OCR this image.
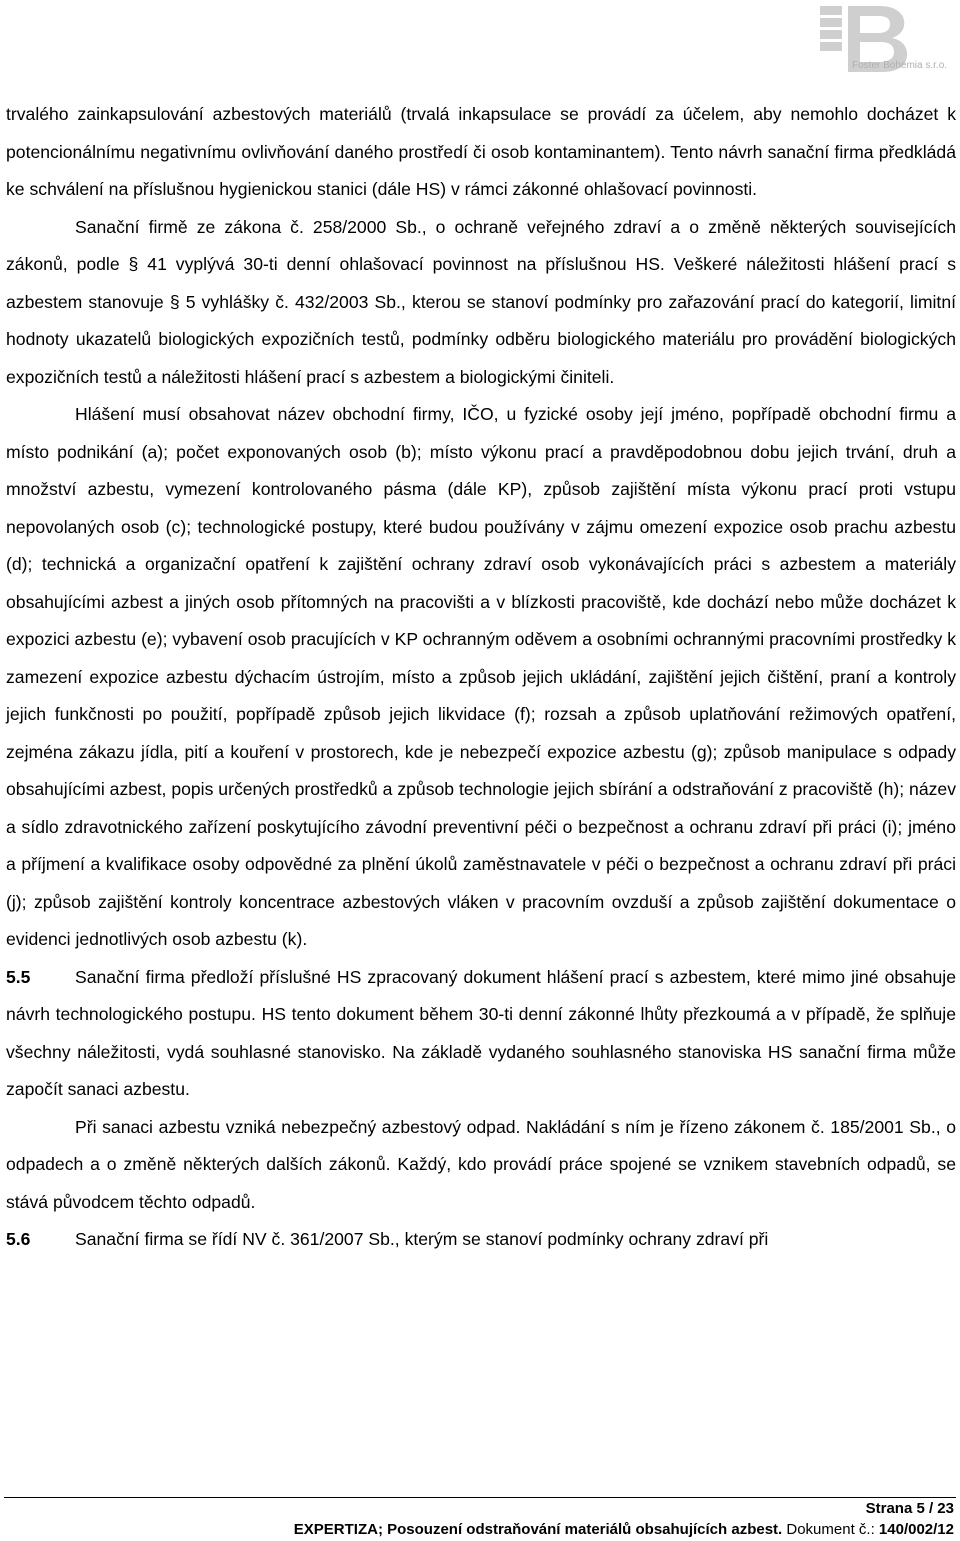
Foster Bohemia s.r.o.

trvalého zainkapsulování azbestových materiálů (trvalá inkapsulace se provádí za účelem, aby nemohlo docházet k potencionálnímu negativnímu ovlivňování daného prostředí či osob kontaminantem). Tento návrh sanační firma předkládá ke schválení na příslušnou hygienickou stanici (dále HS) v rámci zákonné ohlašovací povinnosti.

Sanační firmě ze zákona č. 258/2000 Sb., o ochraně veřejného zdraví a o změně některých souvisejících zákonů, podle § 41 vyplývá 30-ti denní ohlašovací povinnost na příslušnou HS. Veškeré náležitosti hlášení prací s azbestem stanovuje § 5 vyhlášky č. 432/2003 Sb., kterou se stanoví podmínky pro zařazování prací do kategorií, limitní hodnoty ukazatelů biologických expozičních testů, podmínky odběru biologického materiálu pro provádění biologických expozičních testů a náležitosti hlášení prací s azbestem a biologickými činiteli.

Hlášení musí obsahovat název obchodní firmy, IČO, u fyzické osoby její jméno, popřípadě obchodní firmu a místo podnikání (a); počet exponovaných osob (b); místo výkonu prací a pravděpodobnou dobu jejich trvání, druh a množství azbestu, vymezení kontrolovaného pásma (dále KP), způsob zajištění místa výkonu prací proti vstupu nepovolaných osob (c); technologické postupy, které budou používány v zájmu omezení expozice osob prachu azbestu (d); technická a organizační opatření k zajištění ochrany zdraví osob vykonávajících práci s azbestem a materiály obsahujícími azbest a jiných osob přítomných na pracovišti a v blízkosti pracoviště, kde dochází nebo může docházet k expozici azbestu (e); vybavení osob pracujících v KP ochranným oděvem a osobními ochrannými pracovními prostředky k zamezení expozice azbestu dýchacím ústrojím, místo a způsob jejich ukládání, zajištění jejich čištění, praní a kontroly jejich funkčnosti po použití, popřípadě způsob jejich likvidace (f); rozsah a způsob uplatňování režimových opatření, zejména zákazu jídla, pití a kouření v prostorech, kde je nebezpečí expozice azbestu (g); způsob manipulace s odpady obsahujícími azbest, popis určených prostředků a způsob technologie jejich sbírání a odstraňování z pracoviště (h); název a sídlo zdravotnického zařízení poskytujícího závodní preventivní péči o bezpečnost a ochranu zdraví při práci (i); jméno a příjmení a kvalifikace osoby odpovědné za plnění úkolů zaměstnavatele v péči o bezpečnost a ochranu zdraví při práci (j); způsob zajištění kontroly koncentrace azbestových vláken v pracovním ovzduší a způsob zajištění dokumentace o evidenci jednotlivých osob azbestu (k).

5.5	Sanační firma předloží příslušné HS zpracovaný dokument hlášení prací s azbestem, které mimo jiné obsahuje návrh technologického postupu. HS tento dokument během 30-ti denní zákonné lhůty přezkoumá a v případě, že splňuje všechny náležitosti, vydá souhlasné stanovisko. Na základě vydaného souhlasného stanoviska HS sanační firma může započít sanaci azbestu.

Při sanaci azbestu vzniká nebezpečný azbestový odpad. Nakládání s ním je řízeno zákonem č. 185/2001 Sb., o odpadech a o změně některých dalších zákonů. Každý, kdo provádí práce spojené se vznikem stavebních odpadů, se stává původcem těchto odpadů.

5.6	Sanační firma se řídí NV č. 361/2007 Sb., kterým se stanoví podmínky ochrany zdraví při

Strana 5 / 23
EXPERTIZA; Posouzení odstraňování materiálů obsahujících azbest. Dokument č.: 140/002/12
